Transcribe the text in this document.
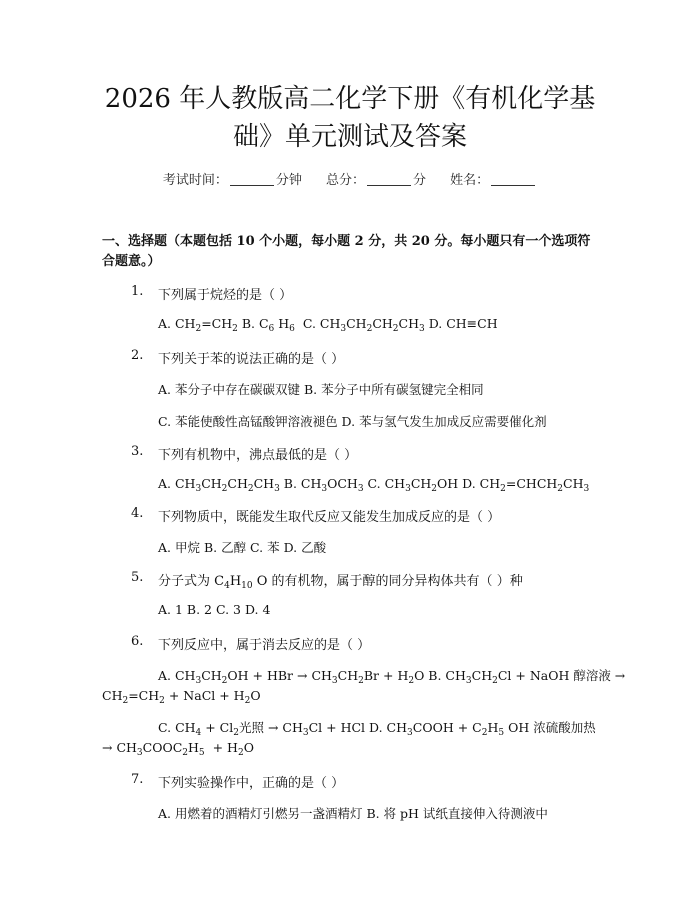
2026 年人教版高二化学下册《有机化学基
础》单元测试及答案
考试时间：	分钟 总分：	分 姓名：
一、选择题（本题包括 10 个小题，每小题 2 分，共 20 分。每小题只有一个选项符合题意。）
1. 下列属于烷烃的是（ ）
A. $CH_2=CH_2$ B. $C_6$ $H_6$  C. $CH_3CH_2CH_2CH_3$ D. CH≡CH
2. 下列关于苯的说法正确的是（ ）
A. 苯分子中存在碳碳双键 B. 苯分子中所有碳氢键完全相同
C. 苯能使酸性高锰酸钾溶液褪色 D. 苯与氢气发生加成反应需要催化剂
3. 下列有机物中，沸点最低的是（ ）
A. $CH_3CH_2CH_2CH_3$ B. $CH_3OCH_3$ C. $CH_3CH_2OH$ D. $CH_2=CHCH_2CH_3$
4. 下列物质中，既能发生取代反应又能发生加成反应的是（ ）
A. 甲烷 B. 乙醇 C. 苯 D. 乙酸
5. 分子式为 $C_4H_{10}$ O 的有机物，属于醇的同分异构体共有（ ）种
A. 1 B. 2 C. 3 D. 4
6. 下列反应中，属于消去反应的是（ ）
A. $CH_3CH_2OH$ + HBr → $CH_3CH_2Br + H_2O$ B. $CH_3CH_2Cl$ + NaOH 醇溶液 →
$CH_2=CH_2$ + NaCl + $H_2O$
C. $CH_4 + Cl_2$光照 → $CH_3Cl$ + HCl D. $CH_3COOH + C_2H_5$ OH 浓硫酸加热
→ $CH_3COOC_2H_5 + H_2O$
7. 下列实验操作中，正确的是（ ）
A. 用燃着的酒精灯引燃另一盏酒精灯 B. 将 pH 试纸直接伸入待测液中
